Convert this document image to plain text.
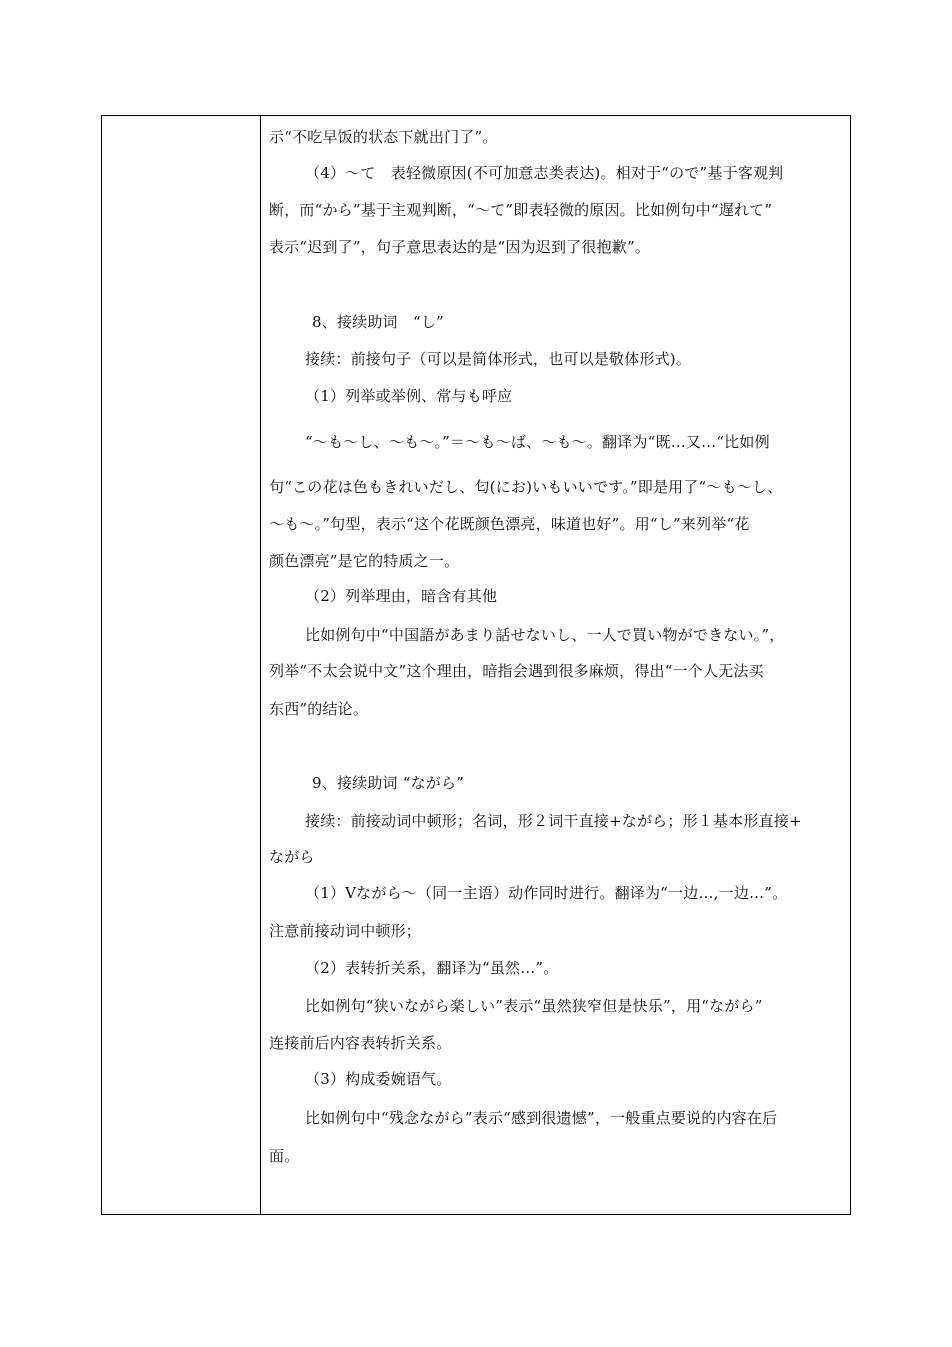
示“不吃早饭的状态下就出门了”。
（4）～て　表轻微原因(不可加意志类表达)。相对于“ので”基于客观判
断，而“から”基于主观判断，“～て”即表轻微的原因。比如例句中“遅れて”
表示“迟到了”，句子意思表达的是“因为迟到了很抱歉”。
8、接续助词　“し”
接续：前接句子（可以是简体形式，也可以是敬体形式)。
（1）列举或举例、常与も呼应
“～も～し、～も～。”＝～も～ば、～も～。翻译为“既…又…“比如例
句“この花は色もきれいだし、匂(にお)いもいいです。”即是用了“～も～し、
～も～。”句型，表示“这个花既颜色漂亮，味道也好”。用“し”来列举“花
颜色漂亮”是它的特质之一。
（2）列举理由，暗含有其他
比如例句中“中国語があまり話せないし、一人で買い物ができない。”，
列举“不太会说中文”这个理由，暗指会遇到很多麻烦，得出“一个人无法买
东西”的结论。
9、接续助词 “ながら”
接续：前接动词中顿形；名词，形２词干直接+ながら；形１基本形直接+
ながら
（1）Vながら～（同一主语）动作同时进行。翻译为“一边…,一边…”。
注意前接动词中顿形；
（2）表转折关系，翻译为“虽然…”。
比如例句“狭いながら楽しい”表示“虽然狭窄但是快乐”，用“ながら”
连接前后内容表转折关系。
（3）构成委婉语气。
比如例句中“残念ながら”表示“感到很遗憾”，一般重点要说的内容在后
面。
